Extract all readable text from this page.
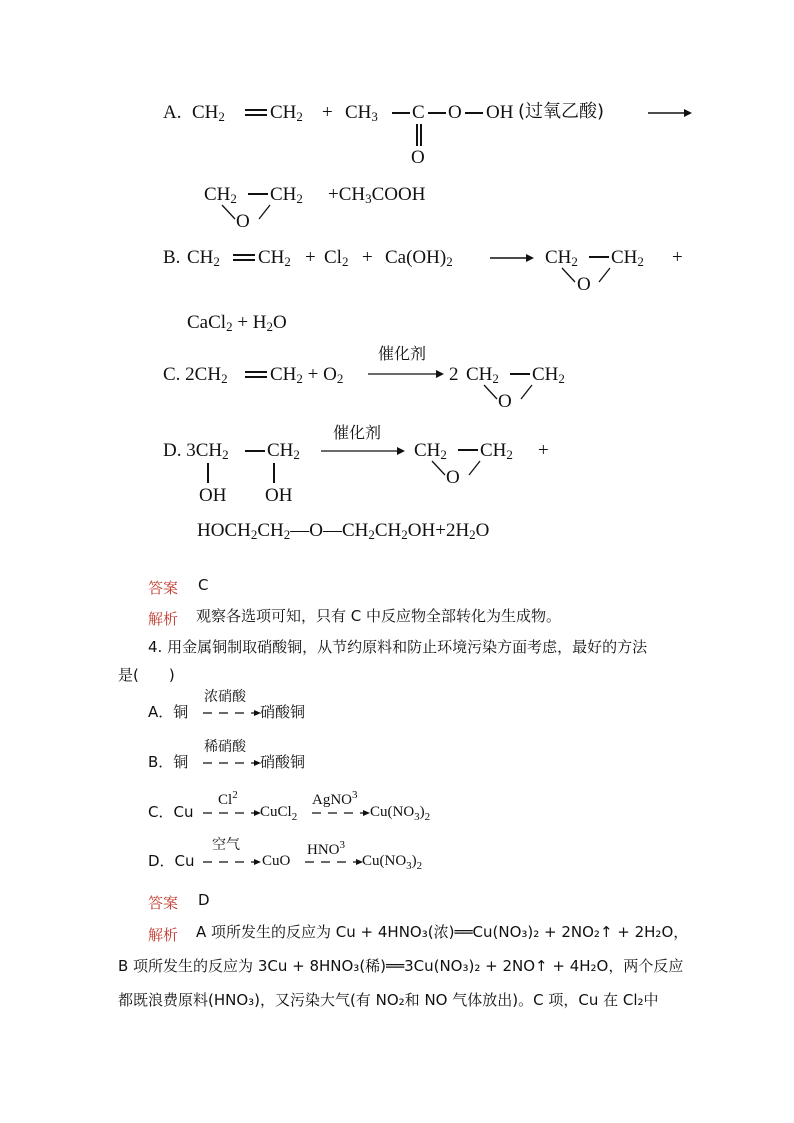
A. $CH_2$ $CH_2 + CH_3$ C O OH (过氧乙酸)
O
$CH_2$ $CH_2$
O
$+CH_3COOH$
B. $CH_2$ $CH_2 + Cl_2 + Ca(OH)_2 \to CH_2$ $CH_2$
O
+
CaCl$_2$ + $H_2O$
C. $2CH_2$ $CH_2 + O_2$
催化剂
2 $CH_2$ $CH_2$
O
D. $3CH_2$ $CH_2$
OH OH
催化剂
$CH_2$ $CH_2$
O
+
$HOCH_2CH_2—O—CH_2CH_2OH+2H_2O$
答案 C
解析 观察各选项可知，只有 C 中反应物全部转化为生成物。
4. 用金属铜制取硝酸铜，从节约原料和防止环境污染方面考虑，最好的方法
是(　　)
A．铜
浓硝酸
硝酸铜
B．铜
稀硝酸
硝酸铜
C．Cu
Cl$^2$
CuCl$_2$
AgNO$^3$
$Cu(NO_3)_2$
D．Cu
空气
CuO
HNO$^3$
$Cu(NO_3)_2$
答案 D
解析 A 项所发生的反应为 Cu + 4HNO₃(浓)══Cu(NO₃)₂ + 2NO₂↑ + 2H₂O，
B 项所发生的反应为 3Cu + 8HNO₃(稀)══3Cu(NO₃)₂ + 2NO↑ + 4H₂O，两个反应
都既浪费原料(HNO₃)，又污染大气(有 NO₂和 NO 气体放出)。C 项，Cu 在 Cl₂中
